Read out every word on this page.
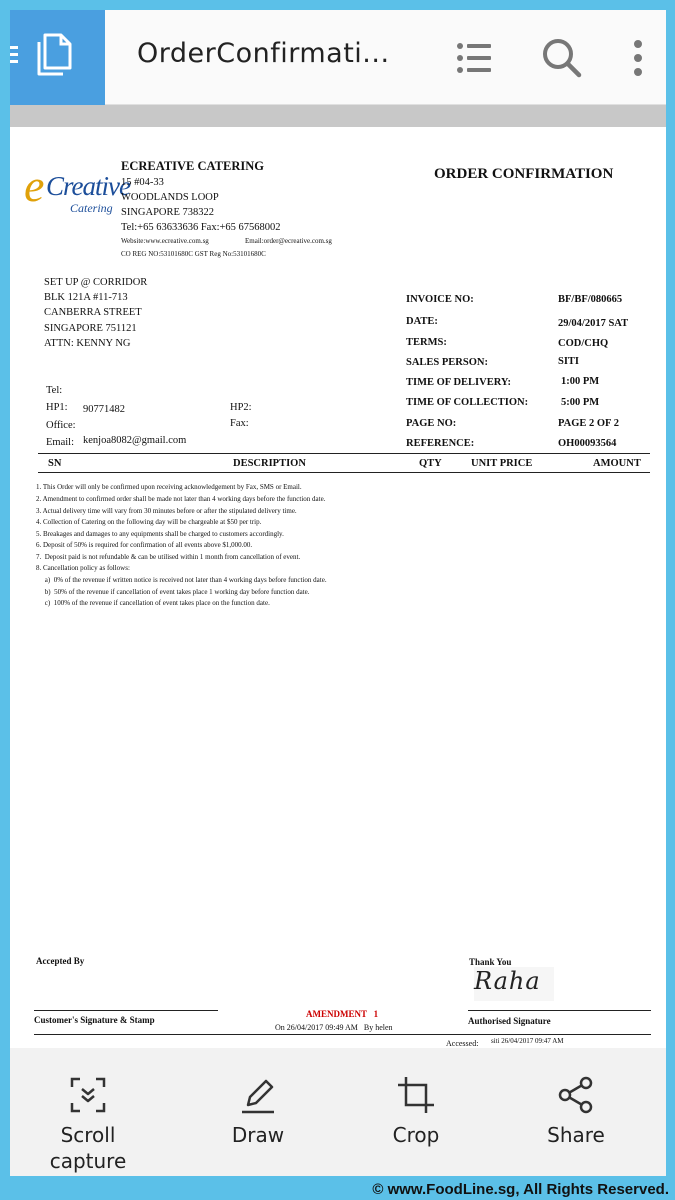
OrderConfirmati...
e Creative
Catering
ECREATIVE CATERING
15 #04-33
WOODLANDS LOOP
SINGAPORE 738322
Tel:+65 63633636 Fax:+65 67568002
Website:www.ecreative.com.sg	Email:order@ecreative.com.sg
CO REG NO:53101680C GST Reg No:53101680C
ORDER CONFIRMATION
SET UP @ CORRIDOR
BLK 121A #11-713
CANBERRA STREET
SINGAPORE 751121
ATTN: KENNY NG
Tel:
HP1: 90771482	HP2:
Office:	Fax:
Email: kenjoa8082@gmail.com
INVOICE NO:	BF/BF/080665
DATE:	29/04/2017 SAT
TERMS:	COD/CHQ
SALES PERSON:	SITI
TIME OF DELIVERY:	1:00 PM
TIME OF COLLECTION:	5:00 PM
PAGE NO:	PAGE 2 OF 2
REFERENCE:	OH00093564
SN	DESCRIPTION	QTY	UNIT PRICE	AMOUNT
1. This Order will only be confirmed upon receiving acknowledgement by Fax, SMS or Email.
2. Amendment to confirmed order shall be made not later than 4 working days before the function date.
3. Actual delivery time will vary from 30 minutes before or after the stipulated delivery time.
4. Collection of Catering on the following day will be chargeable at $50 per trip.
5. Breakages and damages to any equipments shall be charged to customers accordingly.
6. Deposit of 50% is required for confirmation of all events above $1,000.00.
7.  Deposit paid is not refundable & can be utilised within 1 month from cancellation of event.
8. Cancellation policy as follows:
a)  0% of the revenue if written notice is received not later than 4 working days before function date.
b)  50% of the revenue if cancellation of event takes place 1 working day before function date.
c)  100% of the revenue if cancellation of event takes place on the function date.
Accepted By	Thank You
Raha
Customer's Signature & Stamp
AMENDMENT   1
On 26/04/2017 09:49 AM   By helen
Authorised Signature
Accessed: siti 26/04/2017 09:47 AM
Scroll capture
Draw	Crop	Share
© www.FoodLine.sg, All Rights Reserved.
